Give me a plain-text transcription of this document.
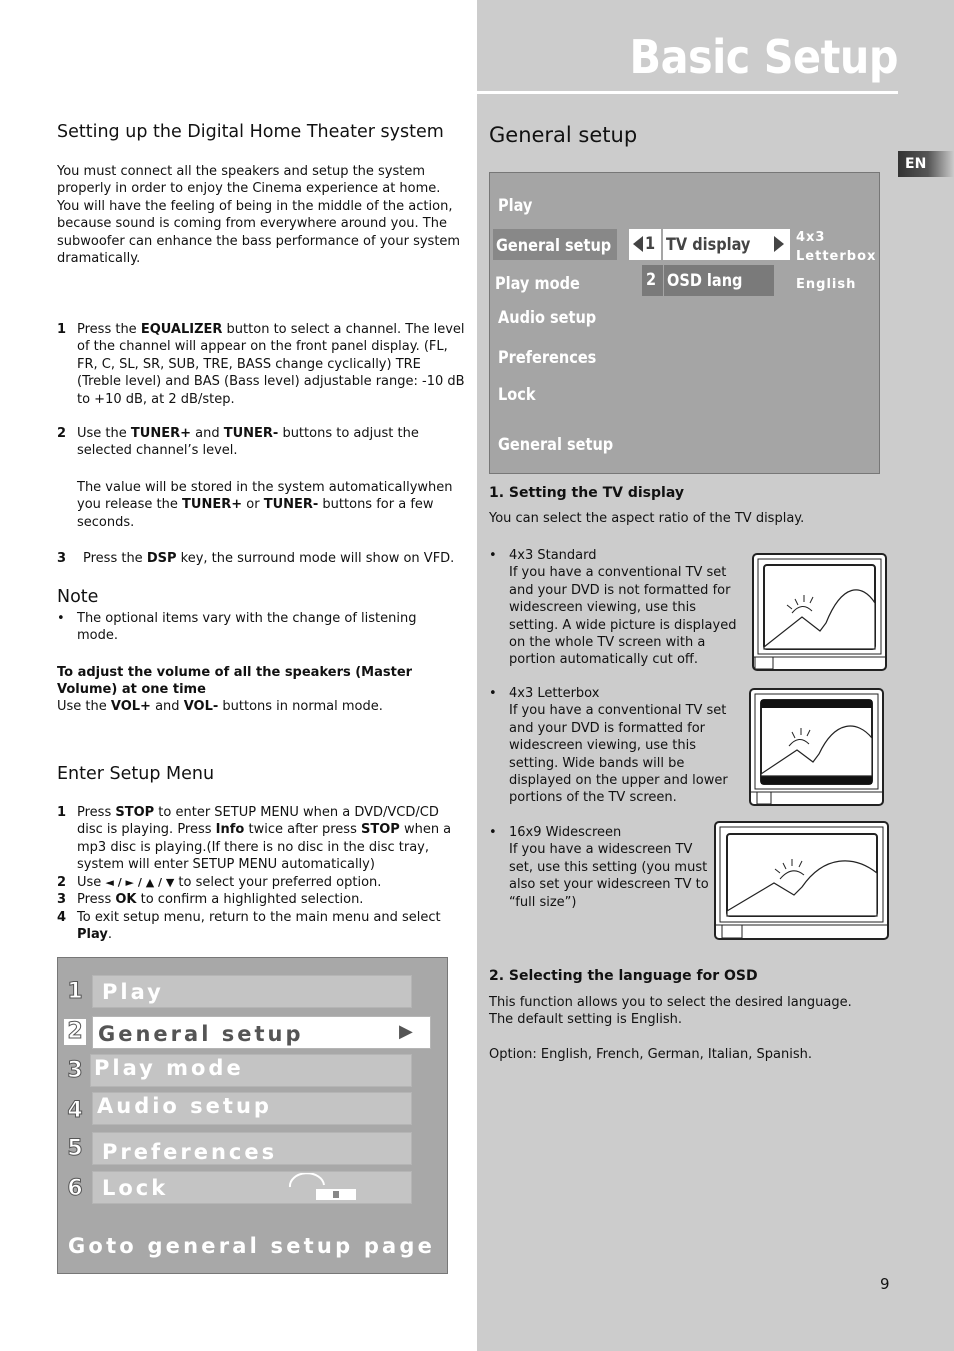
Basic Setup
EN
Setting up the Digital Home Theater system

You must connect all the speakers and setup the system properly in order to enjoy the Cinema experience at home. You will have the feeling of being in the middle of the action, because sound is coming from everywhere around you. The subwoofer can enhance the bass performance of your system dramatically.

1 Press the EQUALIZER button to select a channel. The level of the channel will appear on the front panel display. (FL, FR, C, SL, SR, SUB, TRE, BASS change cyclically) TRE (Treble level) and BAS (Bass level) adjustable range: -10 dB to +10 dB, at 2 dB/step.
2 Use the TUNER+ and TUNER- buttons to adjust the selected channel’s level.
The value will be stored in the system automaticallywhen you release the TUNER+ or TUNER- buttons for a few seconds.
3 Press the DSP key, the surround mode will show on VFD.
Note
• The optional items vary with the change of listening mode.
To adjust the volume of all the speakers (Master Volume) at one time
Use the VOL+ and VOL- buttons in normal mode.
Enter Setup Menu
1 Press STOP to enter SETUP MENU when a DVD/VCD/CD disc is playing. Press Info twice after press STOP when a mp3 disc is playing.(If there is no disc in the disc tray, system will enter SETUP MENU automatically)
2 Use ◄ / ► / ▲ / ▼ to select your preferred option.
3 Press OK to confirm a highlighted selection.
4 To exit setup menu, return to the main menu and select Play.
1 Play
2 General setup	▶
3 Play mode
4 Audio setup
5 Preferences
6 Lock
Goto general setup page
General setup
Play
General setup
Play mode
Audio setup
Preferences
Lock
General setup
1 TV display	4x3
Letterbox
2 OSD lang	English
1. Setting the TV display
You can select the aspect ratio of the TV display.
• 4x3 Standard
If you have a conventional TV set and your DVD is not formatted for widescreen viewing, use this setting. A wide picture is displayed on the whole TV screen with a portion automatically cut off.
• 4x3 Letterbox
If you have a conventional TV set and your DVD is formatted for widescreen viewing, use this setting. Wide bands will be displayed on the upper and lower portions of the TV screen.
• 16x9 Widescreen
If you have a widescreen TV set, use this setting (you must also set your widescreen TV to “full size”)
2. Selecting the language for OSD

This function allows you to select the desired language. The default setting is English.

Option: English, French, German, Italian, Spanish.

9
